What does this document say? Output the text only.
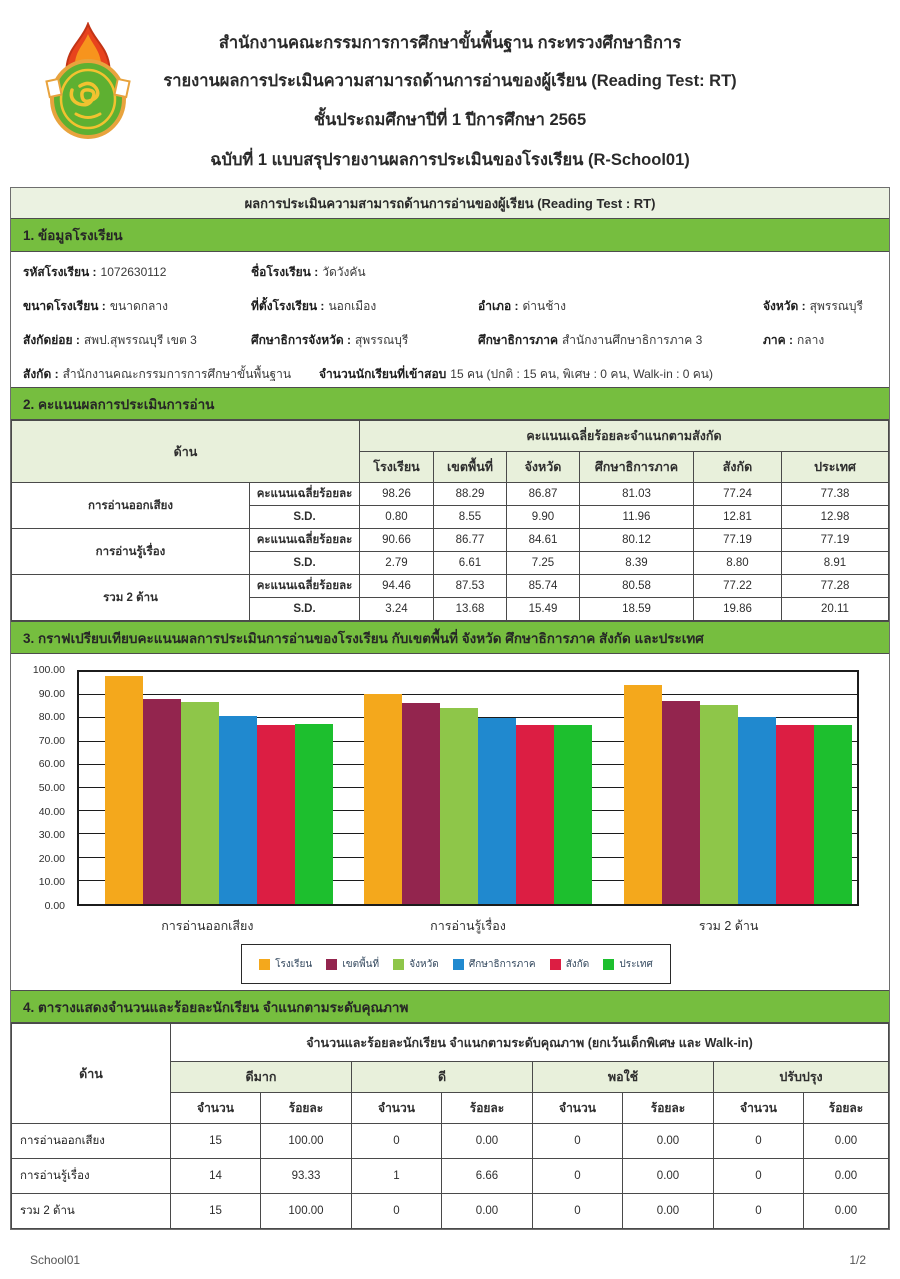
สำนักงานคณะกรรมการการศึกษาขั้นพื้นฐาน กระทรวงศึกษาธิการ
รายงานผลการประเมินความสามารถด้านการอ่านของผู้เรียน (Reading Test: RT)
ชั้นประถมศึกษาปีที่ 1 ปีการศึกษา 2565
ฉบับที่ 1 แบบสรุปรายงานผลการประเมินของโรงเรียน (R-School01)
ผลการประเมินความสามารถด้านการอ่านของผู้เรียน (Reading Test : RT)
1. ข้อมูลโรงเรียน
รหัสโรงเรียน : 1072630112	ชื่อโรงเรียน : วัดวังคัน
ขนาดโรงเรียน : ขนาดกลาง	ที่ตั้งโรงเรียน : นอกเมือง	อำเภอ : ด่านช้าง	จังหวัด : สุพรรณบุรี
สังกัดย่อย : สพป.สุพรรณบุรี เขต 3	ศึกษาธิการจังหวัด : สุพรรณบุรี	ศึกษาธิการภาค สำนักงานศึกษาธิการภาค 3	ภาค : กลาง
สังกัด : สำนักงานคณะกรรมการการศึกษาขั้นพื้นฐาน จำนวนนักเรียนที่เข้าสอบ 15 คน (ปกติ : 15 คน, พิเศษ : 0 คน, Walk-in : 0 คน)
2. คะแนนผลการประเมินการอ่าน
ด้าน		คะแนนเฉลี่ยร้อยละจำแนกตามสังกัด					
		โรงเรียน	เขตพื้นที่	จังหวัด	ศึกษาธิการภาค	สังกัด	ประเทศ
การอ่านออกเสียง	คะแนนเฉลี่ยร้อยละ	98.26	88.29	86.87	81.03	77.24	77.38
	S.D.	0.80	8.55	9.90	11.96	12.81	12.98
การอ่านรู้เรื่อง	คะแนนเฉลี่ยร้อยละ	90.66	86.77	84.61	80.12	77.19	77.19
	S.D.	2.79	6.61	7.25	8.39	8.80	8.91
รวม 2 ด้าน	คะแนนเฉลี่ยร้อยละ	94.46	87.53	85.74	80.58	77.22	77.28
	S.D.	3.24	13.68	15.49	18.59	19.86	20.11
3. กราฟเปรียบเทียบคะแนนผลการประเมินการอ่านของโรงเรียน กับเขตพื้นที่ จังหวัด ศึกษาธิการภาค สังกัด และประเทศ
0.00
10.00
20.00
30.00
40.00
50.00
60.00
70.00
80.00
90.00
100.00
การอ่านออกเสียง	การอ่านรู้เรื่อง	รวม 2 ด้าน
โรงเรียน	เขตพื้นที่	จังหวัด	ศึกษาธิการภาค	สังกัด	ประเทศ
4. ตารางแสดงจำนวนและร้อยละนักเรียน จำแนกตามระดับคุณภาพ
ด้าน	จำนวนและร้อยละนักเรียน จำแนกตามระดับคุณภาพ (ยกเว้นเด็กพิเศษ และ Walk-in)							
	ดีมาก		ดี		พอใช้		ปรับปรุง	
	จำนวน	ร้อยละ	จำนวน	ร้อยละ	จำนวน	ร้อยละ	จำนวน	ร้อยละ
การอ่านออกเสียง	15	100.00	0	0.00	0	0.00	0	0.00
การอ่านรู้เรื่อง	14	93.33	1	6.66	0	0.00	0	0.00
รวม 2 ด้าน	15	100.00	0	0.00	0	0.00	0	0.00
School01	1/2
